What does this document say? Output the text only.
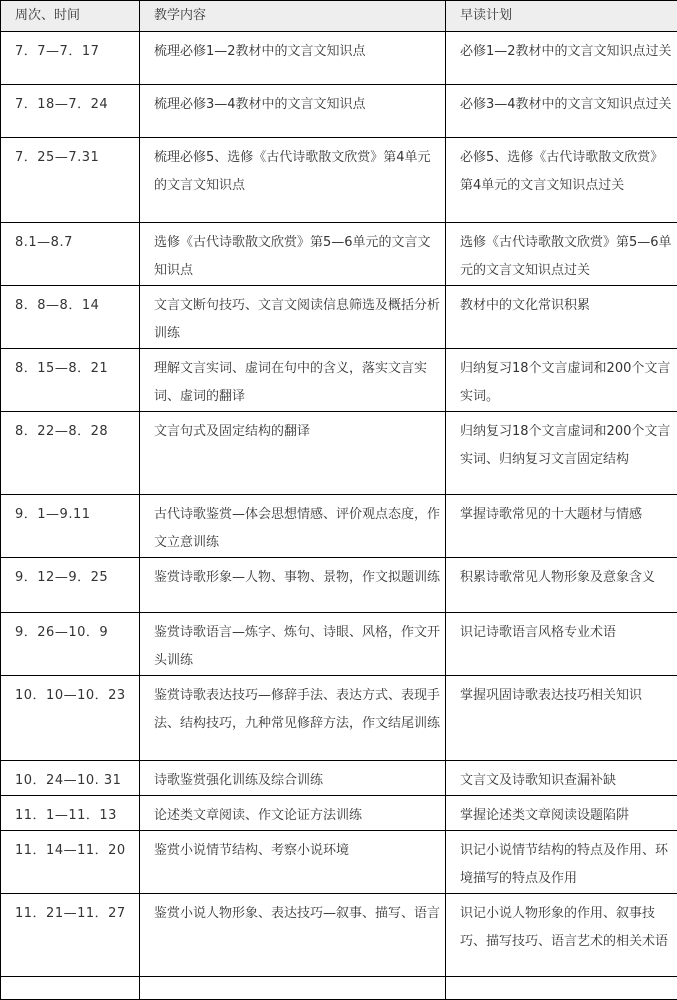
周次、时间	教学内容	早读计划
7．7—7．17	梳理必修1—2教材中的文言文知识点	必修1—2教材中的文言文知识点过关
7．18—7．24	梳理必修3—4教材中的文言文知识点	必修3—4教材中的文言文知识点过关
7．25—7.31	梳理必修5、选修《古代诗歌散文欣赏》第4单元的文言文知识点	必修5、选修《古代诗歌散文欣赏》第4单元的文言文知识点过关
8.1—8.7	选修《古代诗歌散文欣赏》第5—6单元的文言文知识点	选修《古代诗歌散文欣赏》第5—6单元的文言文知识点过关
8．8—8．14	文言文断句技巧、文言文阅读信息筛选及概括分析训练	教材中的文化常识积累
8．15—8．21	理解文言实词、虚词在句中的含义，落实文言实词、虚词的翻译	归纳复习18个文言虚词和200个文言实词。
8．22—8．28	文言句式及固定结构的翻译	归纳复习18个文言虚词和200个文言实词、归纳复习文言固定结构
9．1—9.11	古代诗歌鉴赏—体会思想情感、评价观点态度，作文立意训练	掌握诗歌常见的十大题材与情感
9．12—9．25	鉴赏诗歌形象—人物、事物、景物，作文拟题训练	积累诗歌常见人物形象及意象含义
9．26—10．9	鉴赏诗歌语言—炼字、炼句、诗眼、风格，作文开头训练	识记诗歌语言风格专业术语
10．10—10．23	鉴赏诗歌表达技巧—修辞手法、表达方式、表现手法、结构技巧，九种常见修辞方法，作文结尾训练	掌握巩固诗歌表达技巧相关知识
10．24—10. 31	诗歌鉴赏强化训练及综合训练	文言文及诗歌知识查漏补缺
11．1—11．13	论述类文章阅读、作文论证方法训练	掌握论述类文章阅读设题陷阱
11．14—11．20	鉴赏小说情节结构、考察小说环境	识记小说情节结构的特点及作用、环境描写的特点及作用
11．21—11．27	鉴赏小说人物形象、表达技巧—叙事、描写、语言	识记小说人物形象的作用、叙事技巧、描写技巧、语言艺术的相关术语
